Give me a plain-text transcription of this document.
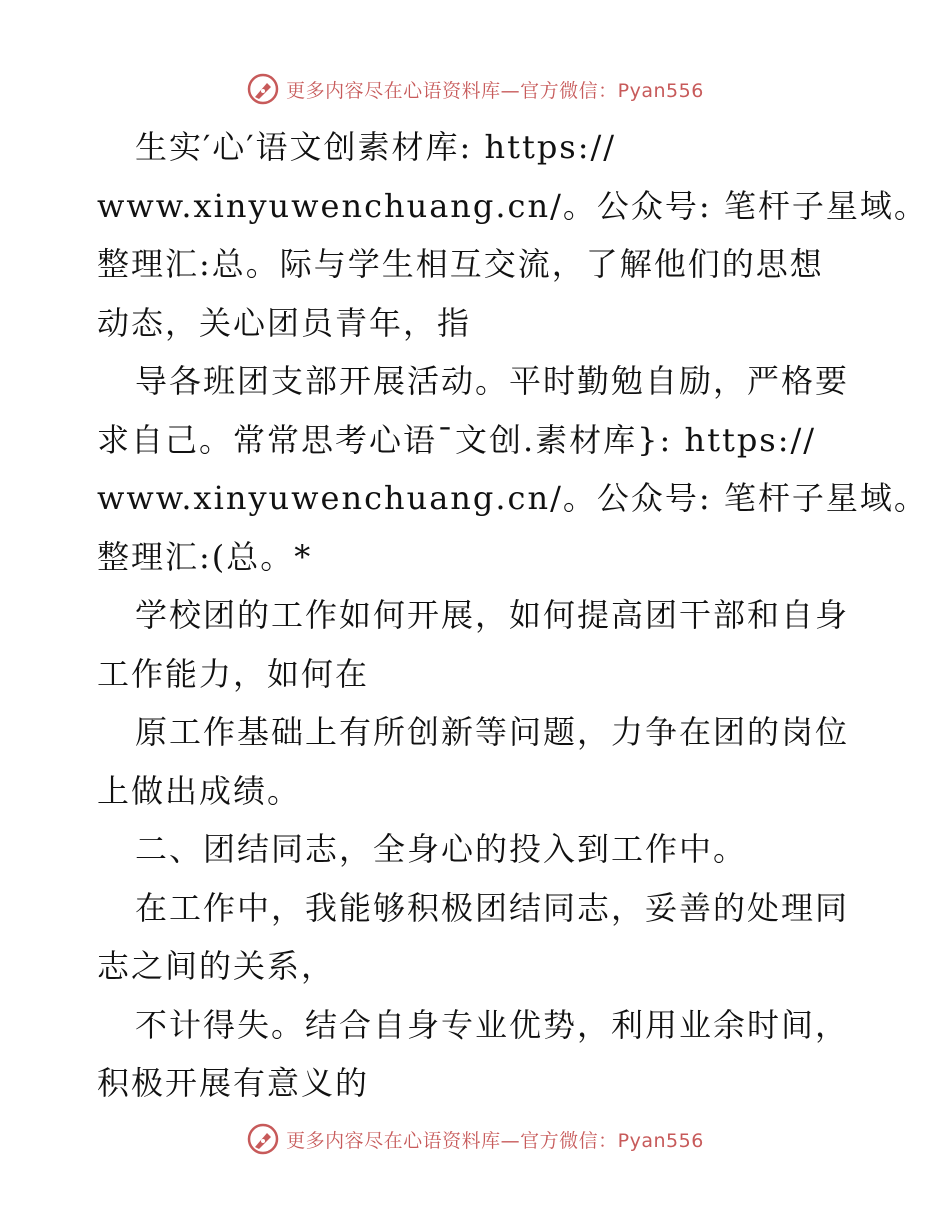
更多内容尽在心语资料库—官方微信：Pyan556
生实′心′语文创素材库: https://
www.xinyuwenchuang.cn/。公众号: 笔杆子星域。
整理汇:总。际与学生相互交流，了解他们的思想
动态，关心团员青年，指
导各班团支部开展活动。平时勤勉自励，严格要
求自己。常常思考心语¯文创.素材库}: https://
www.xinyuwenchuang.cn/。公众号: 笔杆子星域。
整理汇:(总。*
学校团的工作如何开展，如何提高团干部和自身
工作能力，如何在
原工作基础上有所创新等问题，力争在团的岗位
上做出成绩。
二、团结同志，全身心的投入到工作中。
在工作中，我能够积极团结同志，妥善的处理同
志之间的关系，
不计得失。结合自身专业优势，利用业余时间，
积极开展有意义的
更多内容尽在心语资料库—官方微信：Pyan556
